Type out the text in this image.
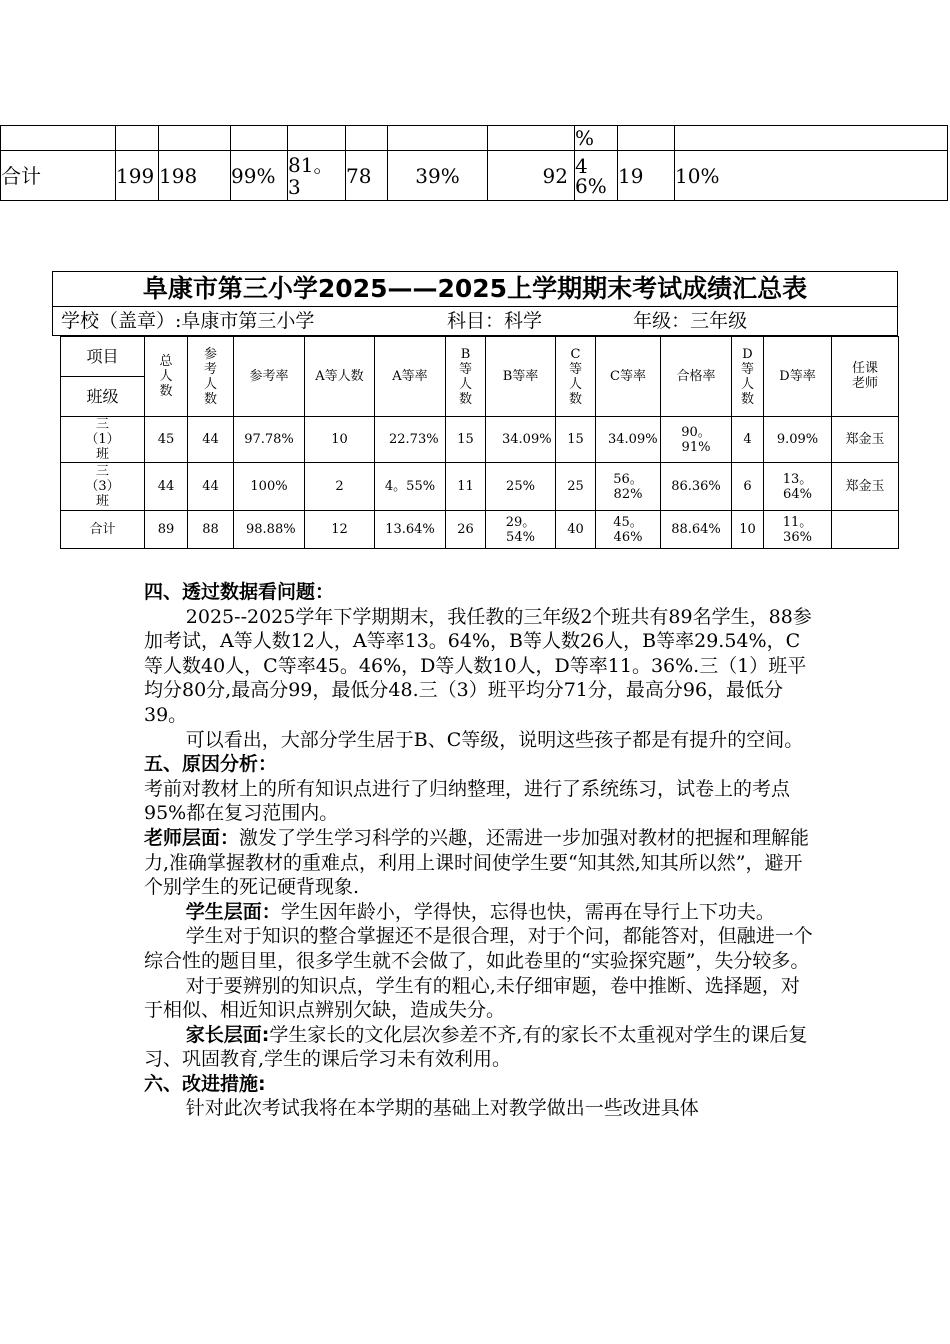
								%		
合计	199	198	99%	81。3	78	39%	92	46%	19	10%
阜康市第三小学2025——2025上学期期末考试成绩汇总表
学校（盖章）:阜康市第三小学	科目：科学	年级：三年级
项目	总人数	参考人数	参考率	A等人数	A等率	B等人数	B等率	C等人数	C等率	合格率	D等人数	D等率	任课老师
班级													
三（1）班	45	44	97.78%	10	22.73%	15	34.09%	15	34.09%	90。91%	4	9.09%	郑金玉
三（3）班	44	44	100%	2	4。55%	11	25%	25	56。82%	86.36%	6	13。64%	郑金玉
合计	89	88	98.88%	12	13.64%	26	29。54%	40	45。46%	88.64%	10	11。36%	

四、透过数据看问题：

2025--2025学年下学期期末，我任教的三年级2个班共有89名学生，88参加考试，A等人数12人，A等率13。64%，B等人数26人，B等率29.54%，C等人数40人，C等率45。46%，D等人数10人，D等率11。36%.三（1）班平均分80分,最高分99，最低分48.三（3）班平均分71分，最高分96，最低分39。

可以看出，大部分学生居于B、C等级，说明这些孩子都是有提升的空间。

五、原因分析：

考前对教材上的所有知识点进行了归纳整理，进行了系统练习，试卷上的考点95%都在复习范围内。

老师层面：激发了学生学习科学的兴趣，还需进一步加强对教材的把握和理解能力,准确掌握教材的重难点，利用上课时间使学生要“知其然,知其所以然”，避开个别学生的死记硬背现象.

学生层面：学生因年龄小，学得快，忘得也快，需再在导行上下功夫。

学生对于知识的整合掌握还不是很合理，对于个问，都能答对，但融进一个综合性的题目里，很多学生就不会做了，如此卷里的“实验探究题”，失分较多。

对于要辨别的知识点，学生有的粗心,未仔细审题，卷中推断、选择题，对于相似、相近知识点辨别欠缺，造成失分。

家长层面:学生家长的文化层次参差不齐,有的家长不太重视对学生的课后复习、巩固教育,学生的课后学习未有效利用。

六、改进措施:

针对此次考试我将在本学期的基础上对教学做出一些改进具体
